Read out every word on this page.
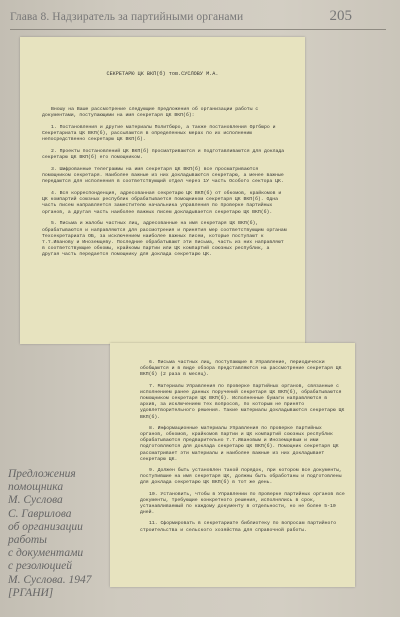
Глава 8. Надзиратель за партийными органами	205
СЕКРЕТАРЮ ЦК ВКП(б) тов.СУСЛОВУ М.А.

Вношу на Ваше рассмотрение следующие предложения об организации работы с документами, поступающими на имя секретаря ЦК ВКП(б):

1. Постановления и другие материалы Политбюро, а также постановления Оргбюро и Секретариата ЦК ВКП(б), рассылаются в определенных мерах по их исполнению непосредственно секретарю ЦК ВКП(б).

2. Проекты постановлений ЦК ВКП(б) просматриваются и подготавливаются для доклада секретарю ЦК ВКП(б) его помощником.

3. Шифрованные телеграммы на имя секретаря ЦК ВКП(б) все просматриваются помощником секретаря. Наиболее важные из них докладываются секретарю, а менее важные передаются для исполнения в соответствующий отдел через 1У часть Особого сектора ЦК.

4. Вся корреспонденция, адресованная секретарю ЦК ВКП(б) от обкомов, крайкомов и ЦК компартий союзных республик обрабатывается помощником секретаря ЦК ВКП(б). Одна часть писем направляется заместителю начальника управления по проверке партийных органов, а другая часть наиболее важных писем докладывается секретарю ЦК ВКП(б).

5. Письма и жалобы частных лиц, адресованные на имя секретаря ЦК ВКП(б), обрабатываются и направляются для рассмотрения и принятия мер соответствующим органам Техсекретариата ОБ, за исключением наиболее важных писем, которые поступают к т.т.Иванову и Иноземцеву. Последние обрабатывают эти письма, часть из них направляют в соответствующие обкомы, крайкомы партии или ЦК компартий союзных республик, а другая часть передается помощнику для доклада секретарю ЦК.

6. Письма частных лиц, поступающие в Управление, периодически обобщаются и в виде обзора представляются на рассмотрение секретаря ЦК ВКП(б) (2 раза в месяц).

7. Материалы Управления по проверке партийных органов, связанные с исполнением ранее данных поручений секретаря ЦК ВКП(б), обрабатываются помощником секретаря ЦК ВКП(б). Исполненные бумаги направляются в архив, за исключением тех вопросов, по которым не принято удовлетворительного решения. Такие материалы докладываются секретарю ЦК ВКП(б).

8. Информационные материалы Управления по проверке партийных органов, обкомов, крайкомов партии и ЦК компартий союзных республик обрабатываются предварительно т.т.Ивановым и Иноземцевым и ими подготовляются для доклада секретарю ЦК ВКП(б). Помощник секретаря ЦК рассматривает эти материалы и наиболее важные из них докладывает секретарю ЦК.

9. Должен быть установлен такой порядок, при котором все документы, поступившие на имя секретаря ЦК, должны быть обработаны и подготовлены для доклада секретарю ЦК ВКП(б) в тот же день.

10. Установить, чтобы в Управлении по проверке партийных органов все документы, требующие конкретного решения, исполнялись в срок, устанавливаемый по каждому документу в отдельности, но не более 5-10 дней.

11. Сформировать в секретариате библиотеку по вопросам партийного строительства и сельского хозяйства для справочной работы.

Предложения
помощника
М. Суслова
С. Гаврилова
об организации
работы
с документами
с резолюцией
М. Суслова. 1947
[РГАНИ]
